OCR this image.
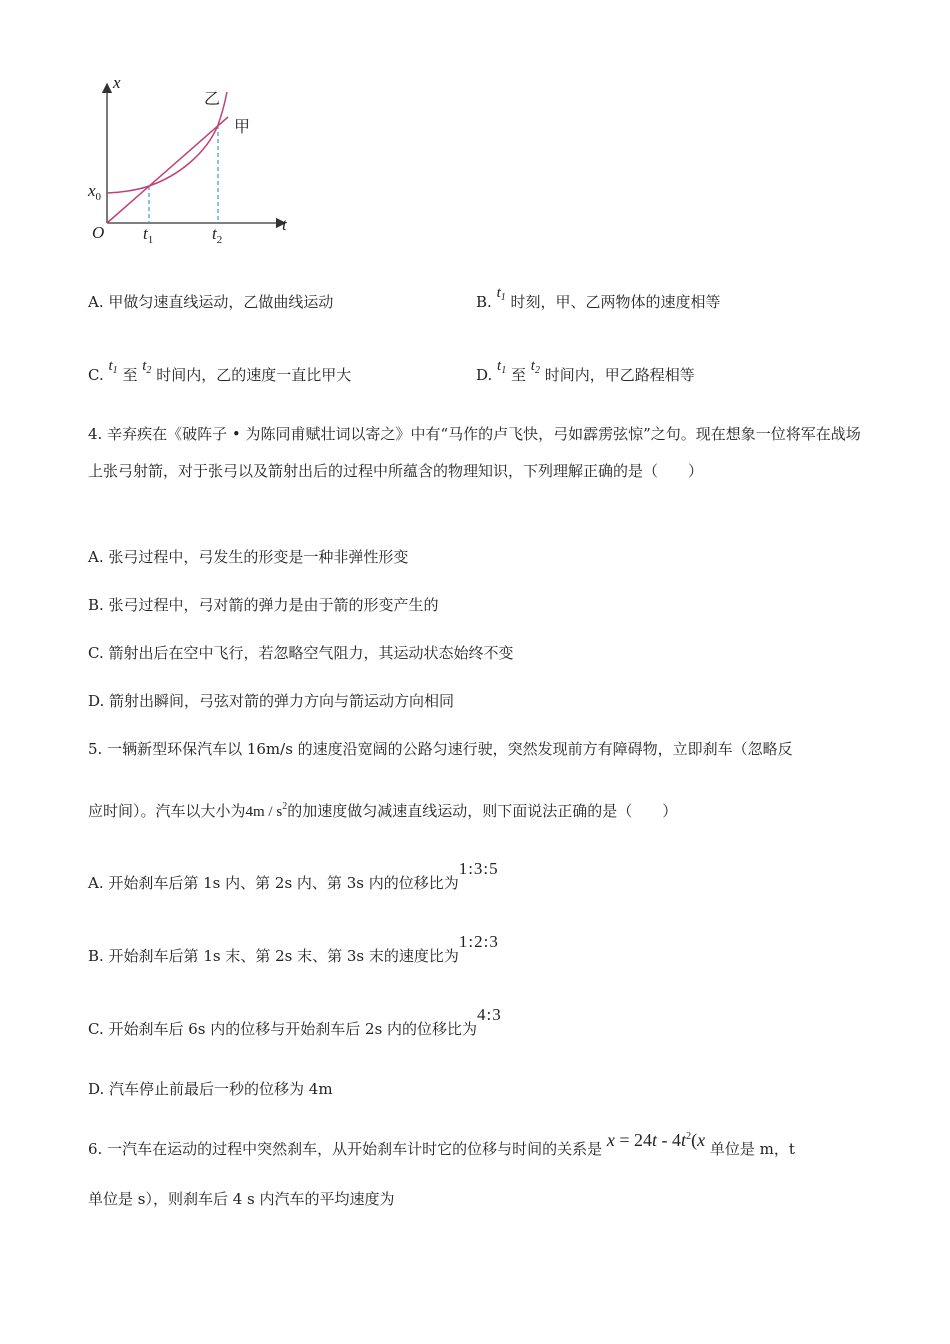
x
t
O
$x_0$
$t_1$	$t_2$
乙
甲
A. 甲做匀速直线运动，乙做曲线运动	B. $t_1$ 时刻，甲、乙两物体的速度相等
C. $t_1$ 至 $t_2$ 时间内，乙的速度一直比甲大	D. $t_1$ 至 $t_2$ 时间内，甲乙路程相等
4. 辛弃疾在《破阵子 • 为陈同甫赋壮词以寄之》中有“马作的卢飞快，弓如霹雳弦惊”之句。现在想象一位将军在战场上张弓射箭，对于张弓以及箭射出后的过程中所蕴含的物理知识，下列理解正确的是（　　）
A. 张弓过程中，弓发生的形变是一种非弹性形变
B. 张弓过程中，弓对箭的弹力是由于箭的形变产生的
C. 箭射出后在空中飞行，若忽略空气阻力，其运动状态始终不变
D. 箭射出瞬间，弓弦对箭的弹力方向与箭运动方向相同
5. 一辆新型环保汽车以 16m/s 的速度沿宽阔的公路匀速行驶，突然发现前方有障碍物，立即刹车（忽略反
应时间）。汽车以大小为$4m / s^2$的加速度做匀减速直线运动，则下面说法正确的是（　　）
A. 开始刹车后第 1s 内、第 2s 内、第 3s 内的位移比为1:3:5
B. 开始刹车后第 1s 末、第 2s 末、第 3s 末的速度比为1:2:3
C. 开始刹车后 6s 内的位移与开始刹车后 2s 内的位移比为4:3
D. 汽车停止前最后一秒的位移为 4m
6. 一汽车在运动的过程中突然刹车，从开始刹车计时它的位移与时间的关系是 $x = 24t - 4t^2(x$ 单位是 m，t
单位是 s），则刹车后 4 s 内汽车的平均速度为
